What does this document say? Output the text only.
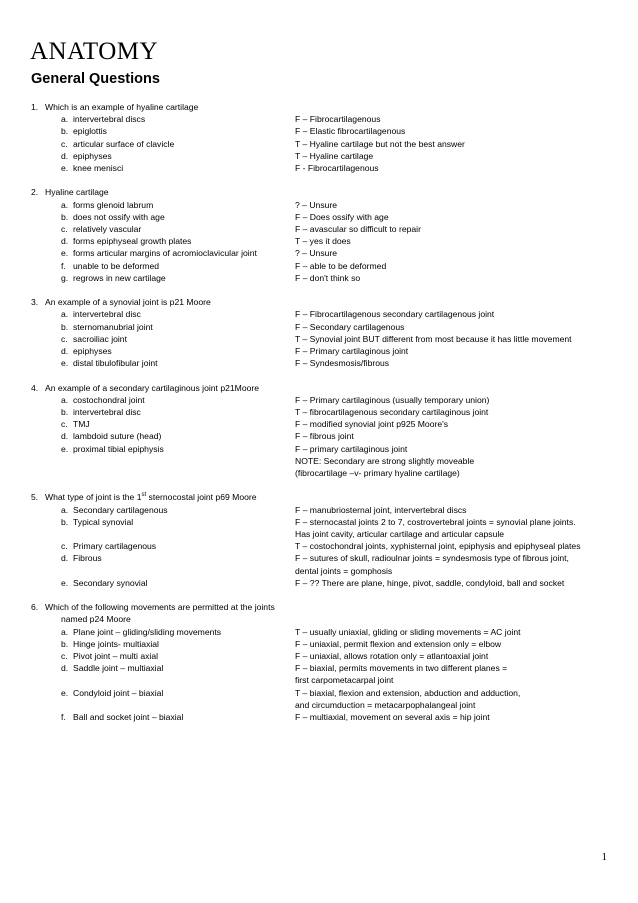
ANATOMY
General Questions
1. Which is an example of hyaline cartilage
a. intervertebral discs	F – Fibrocartilagenous
b. epiglottis	F – Elastic fibrocartilagenous
c. articular surface of clavicle	T – Hyaline cartilage but not the best answer
d. epiphyses	T – Hyaline cartilage
e. knee menisci	F - Fibrocartilagenous
2. Hyaline cartilage
a. forms glenoid labrum	? – Unsure
b. does not ossify with age	F – Does ossify with age
c. relatively vascular	F – avascular so difficult to repair
d. forms epiphyseal growth plates	T – yes it does
e. forms articular margins of acromioclavicular joint	? – Unsure
f. unable to be deformed	F – able to be deformed
g. regrows in new cartilage	F – don't think so
3. An example of a synovial joint is p21 Moore
a. intervertebral disc	F – Fibrocartilagenous secondary cartilagenous joint
b. sternomanubrial joint	F – Secondary cartilagenous
c. sacroiliac joint	T – Synovial joint BUT different from most because it has little movement
d. epiphyses	F – Primary cartilaginous joint
e. distal tibulofibular joint	F – Syndesmosis/fibrous
4. An example of a secondary cartilaginous joint p21Moore
a. costochondral joint	F – Primary cartilaginous (usually temporary union)
b. intervertebral disc	T – fibrocartilagenous secondary cartilaginous joint
c. TMJ	F – modified synovial joint p925 Moore's
d. lambdoid suture (head)	F – fibrous joint
e. proximal tibial epiphysis	F – primary cartilaginous joint
NOTE: Secondary are strong slightly moveable
(fibrocartilage –v- primary hyaline cartilage)
5. What type of joint is the 1st sternocostal joint p69 Moore
a. Secondary cartilagenous	F – manubriosternal joint, intervertebral discs
b. Typical synovial	F – sternocastal joints 2 to 7, costrovertebral joints = synovial plane joints.
Has joint cavity, articular cartilage and articular capsule
c. Primary cartilagenous	T – costochondral joints, xyphisternal joint, epiphysis and epiphyseal plates
d. Fibrous	F – sutures of skull, radioulnar joints = syndesmosis type of fibrous joint,
dental joints = gomphosis
e. Secondary synovial	F – ?? There are plane, hinge, pivot, saddle, condyloid, ball and socket
6. Which of the following movements are permitted at the joints
named p24 Moore
a. Plane joint – gliding/sliding movements	T – usually uniaxial, gliding or sliding movements = AC joint
b. Hinge joints- multiaxial	F – uniaxial, permit flexion and extension only = elbow
c. Pivot joint – multi axial	F – uniaxial, allows rotation only = atlantoaxial joint
d. Saddle joint – multiaxial	F – biaxial, permits movements in two different planes =
first carpometacarpal joint
e. Condyloid joint – biaxial	T – biaxial, flexion and extension, abduction and adduction,
and circumduction = metacarpophalangeal joint
f. Ball and socket joint – biaxial	F – multiaxial, movement on several axis = hip joint
1
